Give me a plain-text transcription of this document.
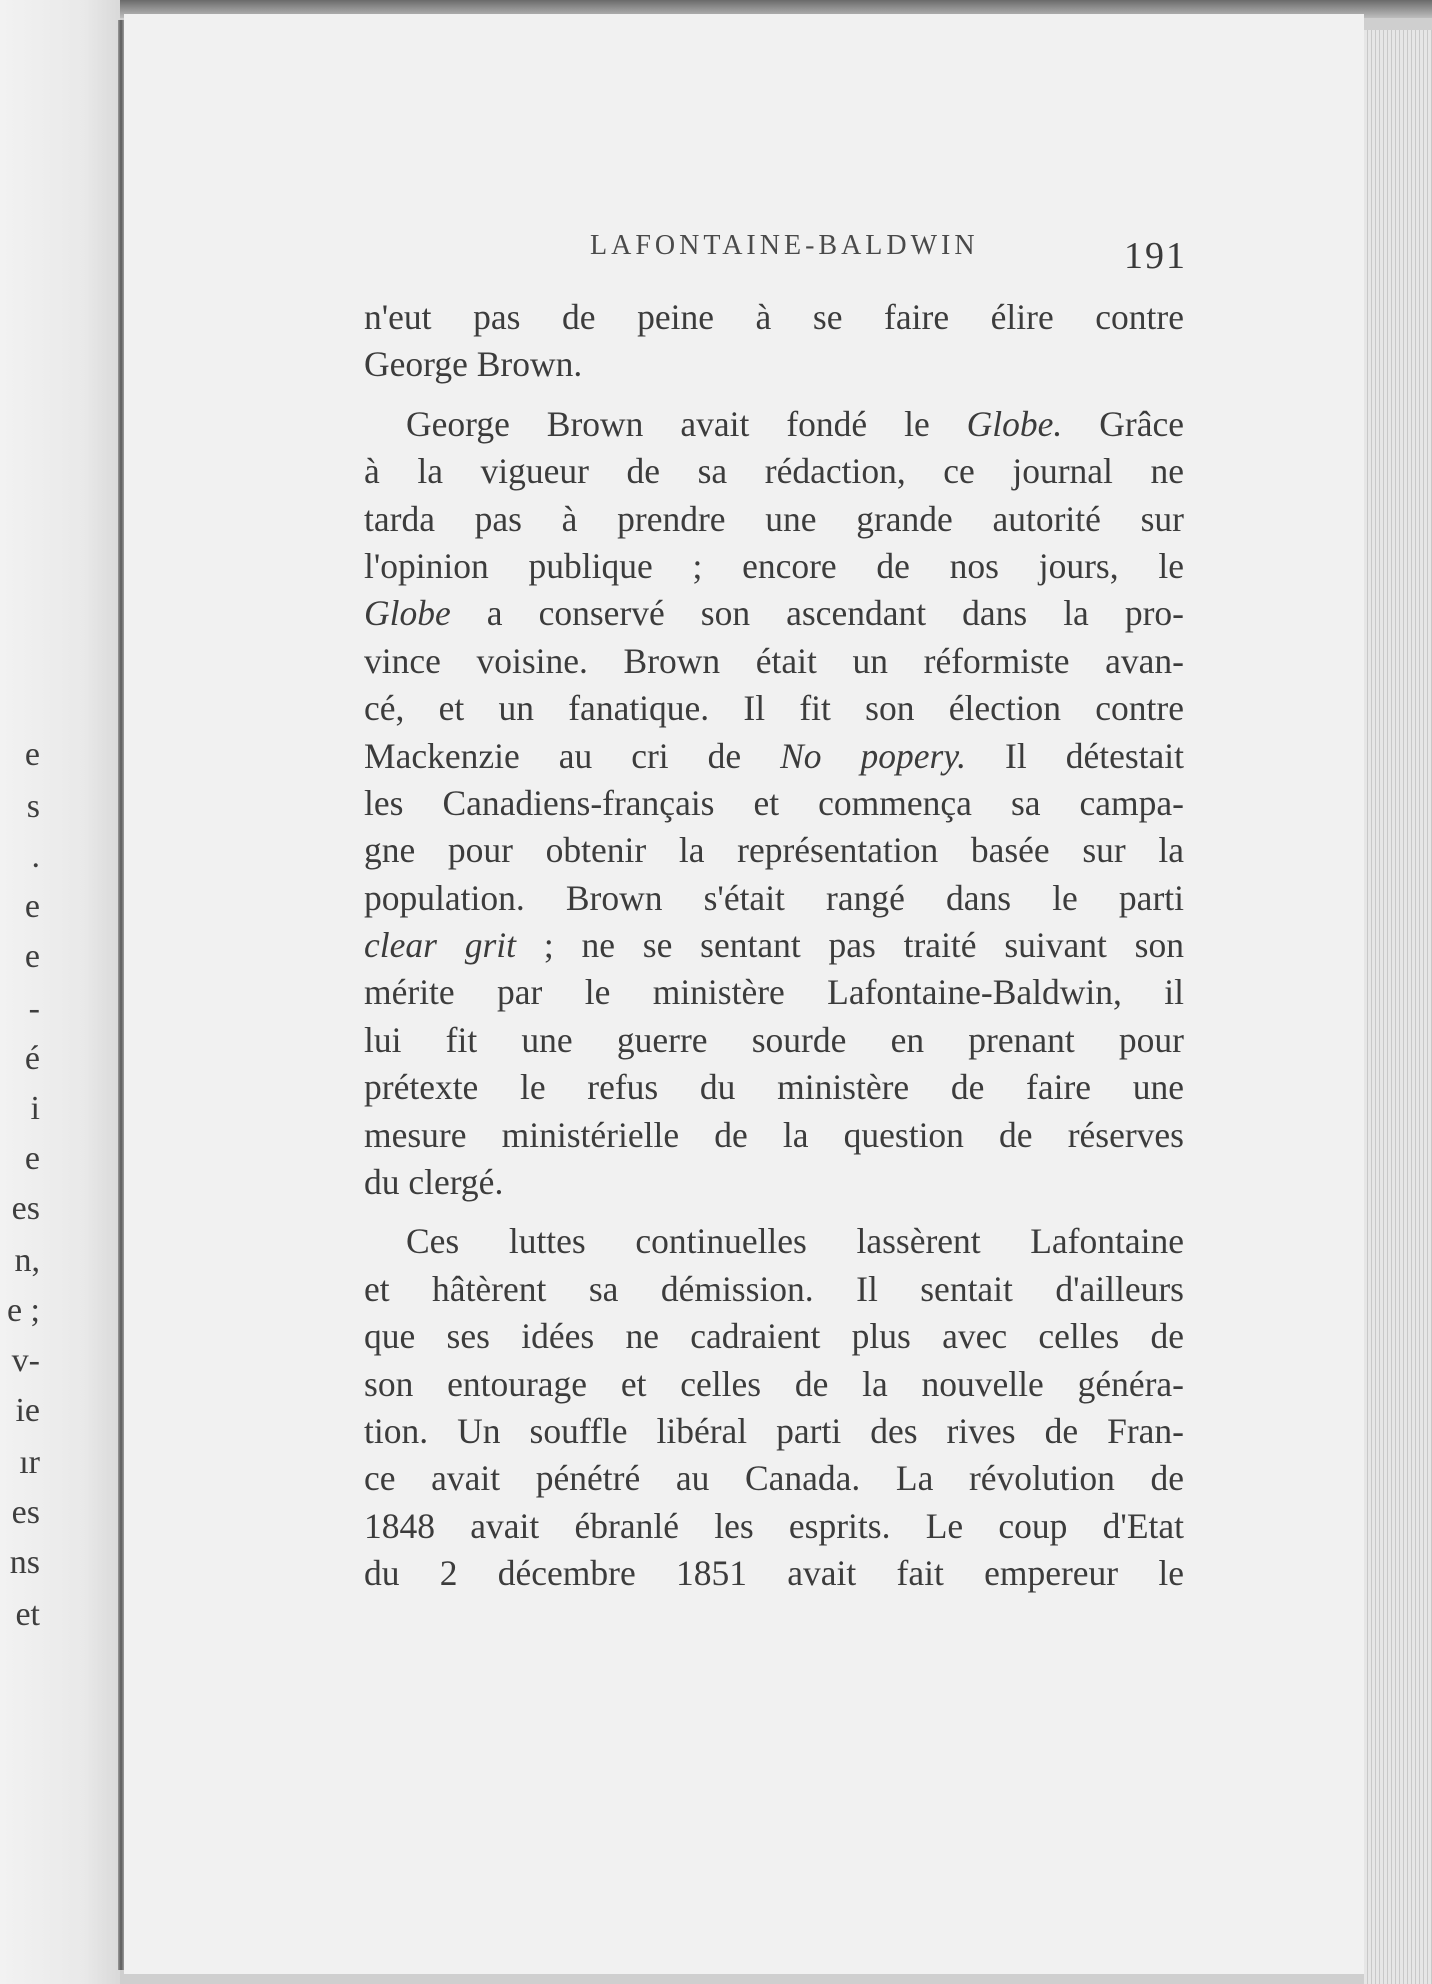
e
s
.
e
e
-
é
i
e
es
n,
e ;
v-
ie
ır
es
ns
et
LAFONTAINE-BALDWIN	191
n'eut pas de peine à se faire élire contre
George Brown.
George Brown avait fondé le Globe. Grâce
à la vigueur de sa rédaction, ce journal ne
tarda pas à prendre une grande autorité sur
l'opinion publique ; encore de nos jours, le
Globe a conservé son ascendant dans la pro-
vince voisine. Brown était un réformiste avan-
cé, et un fanatique. Il fit son élection contre
Mackenzie au cri de No popery. Il détestait
les Canadiens-français et commença sa campa-
gne pour obtenir la représentation basée sur la
population. Brown s'était rangé dans le parti
clear grit ; ne se sentant pas traité suivant son
mérite par le ministère Lafontaine-Baldwin, il
lui fit une guerre sourde en prenant pour
prétexte le refus du ministère de faire une
mesure ministérielle de la question de réserves
du clergé.
Ces luttes continuelles lassèrent Lafontaine
et hâtèrent sa démission. Il sentait d'ailleurs
que ses idées ne cadraient plus avec celles de
son entourage et celles de la nouvelle généra-
tion. Un souffle libéral parti des rives de Fran-
ce avait pénétré au Canada. La révolution de
1848 avait ébranlé les esprits. Le coup d'Etat
du 2 décembre 1851 avait fait empereur le
